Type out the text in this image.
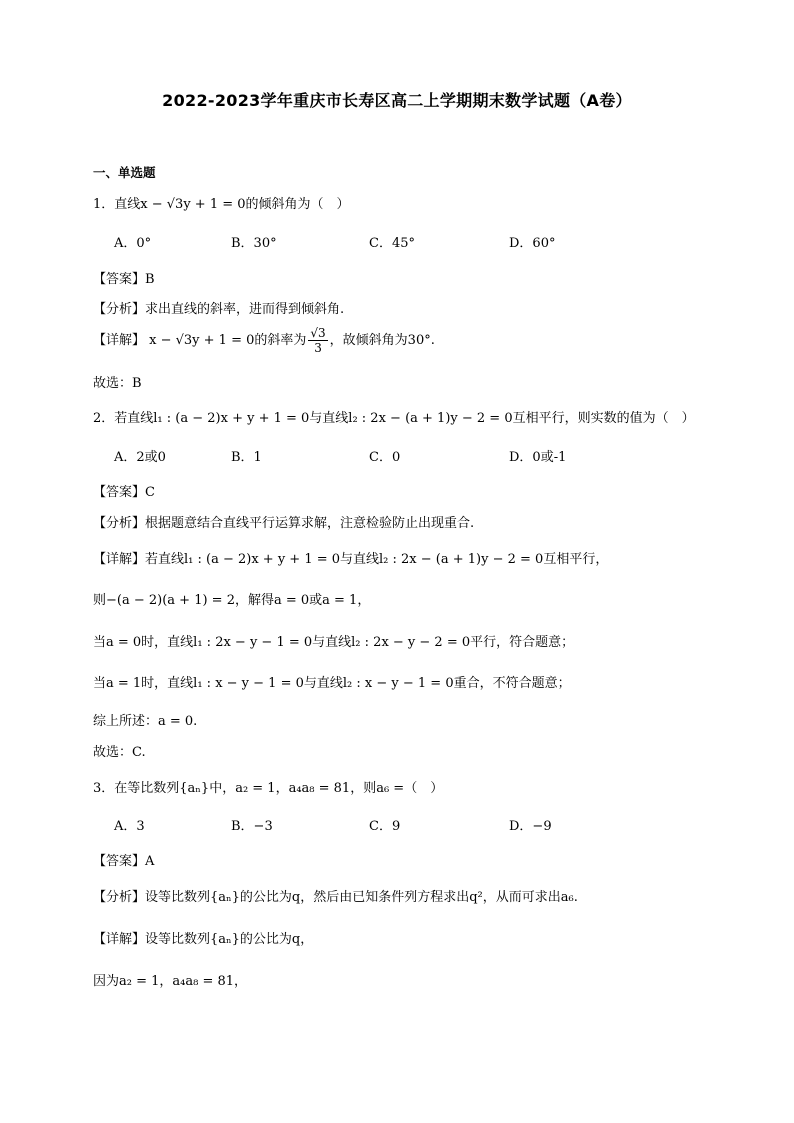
2022-2023学年重庆市长寿区高二上学期期末数学试题（A卷）
一、单选题
1．直线x − √3y + 1 = 0的倾斜角为（　）
A．0°	B．30°	C．45°	D．60°
【答案】B
【分析】求出直线的斜率，进而得到倾斜角.
【详解】 x − √3y + 1 = 0的斜率为 $\frac{√3}{3}$ ，故倾斜角为30°.
故选：B
2．若直线l₁ : (a − 2)x + y + 1 = 0与直线l₂ : 2x − (a + 1)y − 2 = 0互相平行，则实数的值为（　）
A．2或0	B．1	C．0	D．0或-1
【答案】C
【分析】根据题意结合直线平行运算求解，注意检验防止出现重合.
【详解】若直线l₁ : (a − 2)x + y + 1 = 0与直线l₂ : 2x − (a + 1)y − 2 = 0互相平行，
则−(a − 2)(a + 1) = 2，解得a = 0或a = 1，
当a = 0时，直线l₁ : 2x − y − 1 = 0与直线l₂ : 2x − y − 2 = 0平行，符合题意；
当a = 1时，直线l₁ : x − y − 1 = 0与直线l₂ : x − y − 1 = 0重合，不符合题意；
综上所述：a = 0.
故选：C.
3．在等比数列{aₙ}中，a₂ = 1，a₄a₈ = 81，则a₆ =（　）
A．3	B．−3	C．9	D．−9
【答案】A
【分析】设等比数列{aₙ}的公比为q，然后由已知条件列方程求出q²，从而可求出a₆.
【详解】设等比数列{aₙ}的公比为q，
因为a₂ = 1，a₄a₈ = 81，
